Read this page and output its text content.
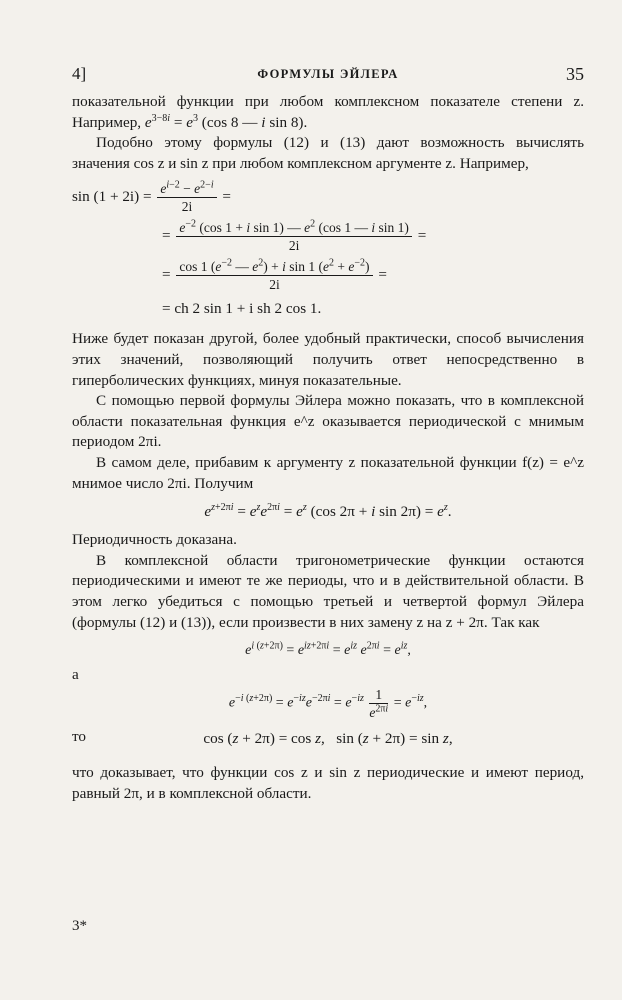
4]	ФОРМУЛЫ ЭЙЛЕРА	35

показательной функции при любом комплексном показателе степени z. Например, $e^{3-8i} = e^3$ (cos 8 — i sin 8).

Подобно этому формулы (12) и (13) дают возможность вычислять значения cos z и sin z при любом комплексном аргументе z. Например,

$\sin (1 + 2i) = \frac{e^{i-2} - e^{2-i}}{2i}$ =
= $\frac{e^{-2} (\cos 1 + i \sin 1) — e^2 (\cos 1 — i \sin 1)}{2i}$ =
= $\frac{\cos 1 (e^{-2} — e^2) + i \sin 1 (e^2 + e^{-2})}{2i}$ =
= ch 2 sin 1 + i sh 2 cos 1.

Ниже будет показан другой, более удобный практически, способ вычисления этих значений, позволяющий получить ответ непосредственно в гиперболических функциях, минуя показательные.

С помощью первой формулы Эйлера можно показать, что в комплексной области показательная функция e^z оказывается периодической с мнимым периодом 2πi.

В самом деле, прибавим к аргументу z показательной функции f(z) = e^z мнимое число 2πi. Получим

$e^{z+2\pi i} = e^ze^{2\pi i} = e^z$ (cos 2π + i $\sin 2\pi) = e^z$.

Периодичность доказана.

В комплексной области тригонометрические функции остаются периодическими и имеют те же периоды, что и в действительной области. В этом легко убедиться с помощью третьей и четвертой формул Эйлера (формулы (12) и (13)), если произвести в них замену z на z + 2π. Так как

$e^{i (z+2\pi)} = e^{iz+2\pi i} = e^{iz}$ $e^{2\pi i} = e^{iz}$,

а

$e^{-i (z+2\pi)} = e^{-iz}e^{-2\pi i} = e^{-iz} \frac{1}{e^{2\pi i}} = e^{-iz}$,

то	cos (z + 2π) = cos z,   sin (z + 2π) = sin z,

что доказывает, что функции cos z и sin z периодические и имеют период, равный 2π, и в комплексной области.

3*
